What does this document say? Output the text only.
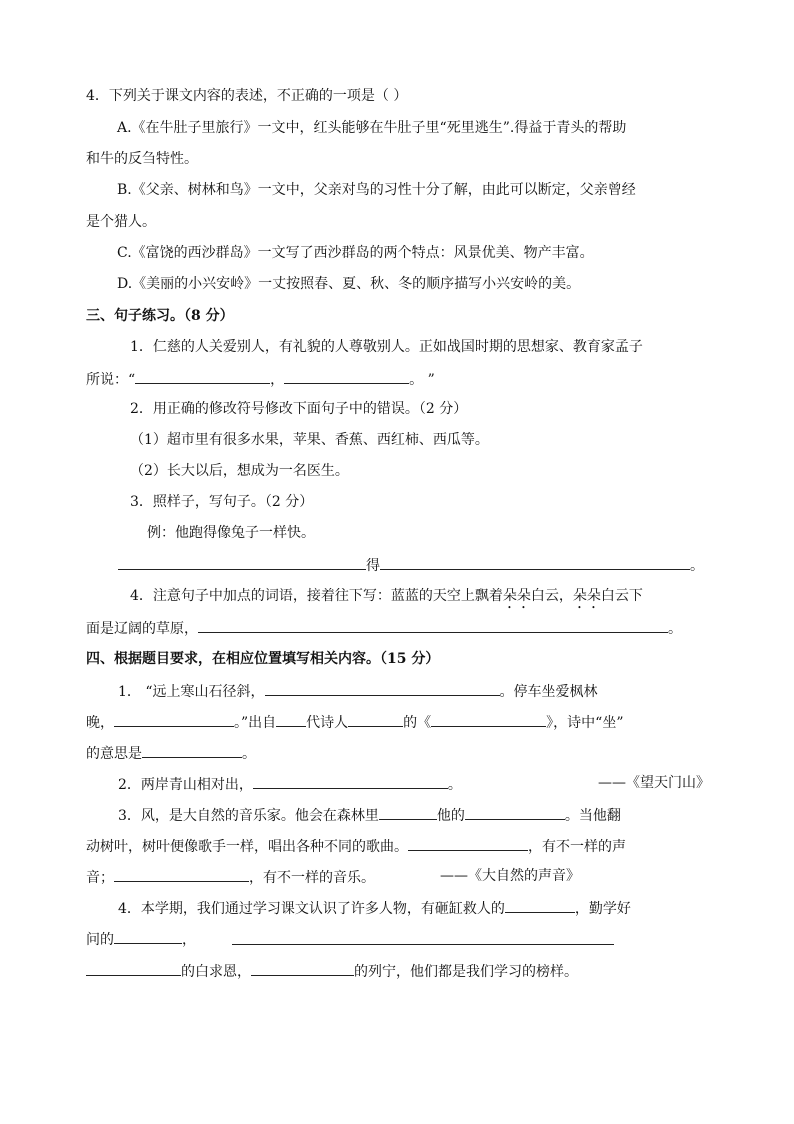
4．下列关于课文内容的表述，不正确的一项是（ ）
A.《在牛肚子里旅行》一文中，红头能够在牛肚子里“死里逃生”.得益于青头的帮助
和牛的反刍特性。
B.《父亲、树林和鸟》一文中，父亲对鸟的习性十分了解，由此可以断定，父亲曾经
是个猎人。
C.《富饶的西沙群岛》一文写了西沙群岛的两个特点：风景优美、物产丰富。
D.《美丽的小兴安岭》一丈按照春、夏、秋、冬的顺序描写小兴安岭的美。
三、句子练习。（8 分）
1．仁慈的人关爱别人，有礼貌的人尊敬别人。正如战国时期的思想家、教育家孟子
所说：“	，	。 ”
2．用正确的修改符号修改下面句子中的错误。（2 分）
（1）超市里有很多水果，苹果、香蕉、西红柿、西瓜等。
（2）长大以后，想成为一名医生。
3．照样子，写句子。（2 分）
例：他跑得像兔子一样快。
得	。
4．注意句子中加点的词语，接着往下写：蓝蓝的天空上飘着朵朵白云，朵朵白云下
面是辽阔的草原，	。
四、根据题目要求，在相应位置填写相关内容。（15 分）
1． “远上寒山石径斜，	。停车坐爱枫林
晚，	。”出自 代诗人	的《	》，诗中“坐”
的意思是	。
2．两岸青山相对出，	。	——《望天门山》
3．风，是大自然的音乐家。他会在森林里	他的	。当他翻
动树叶，树叶便像歌手一样，唱出各种不同的歌曲。	，有不一样的声
音；	，有不一样的音乐。	——《大自然的声音》
4．本学期，我们通过学习课文认识了许多人物，有砸缸救人的	，勤学好
问的	，
的白求恩，	的列宁，他们都是我们学习的榜样。
